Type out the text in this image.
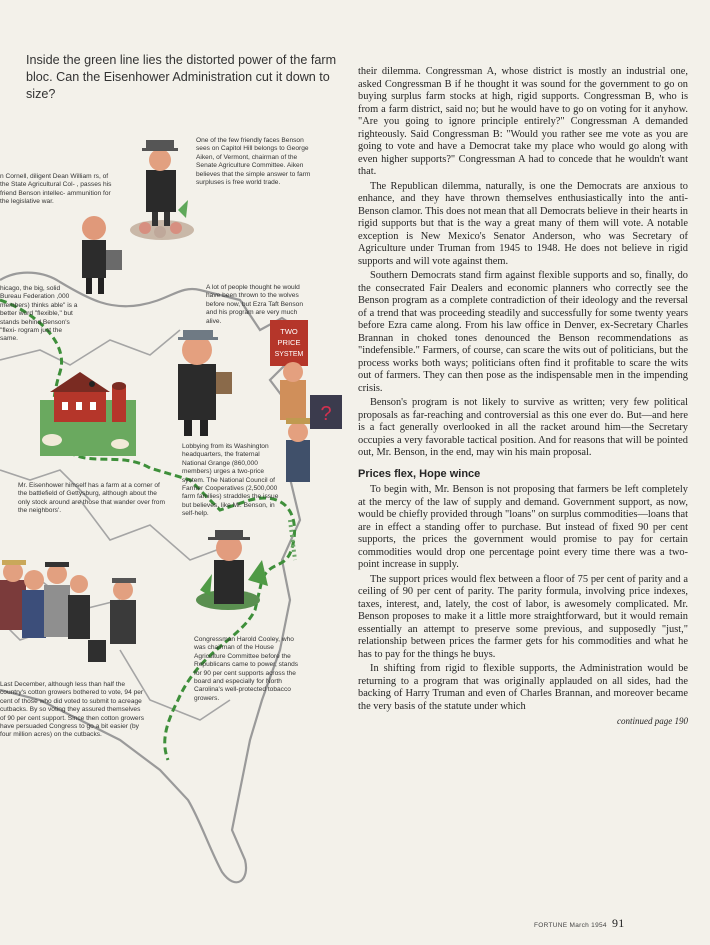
Inside the green line lies the distorted power of the farm bloc. Can the Eisenhower Administration cut it down to size?

TWO
PRICE
SYSTEM
?
One of the few friendly faces Benson sees on Capitol Hill belongs to George Aiken, of Vermont, chairman of the Senate Agriculture Committee. Aiken believes that the simple answer to farm surpluses is free world trade.
n Cornell, diligent Dean William rs, of the State Agricultural Col- , passes his friend Benson intellec- ammunition for the legislative war.
A lot of people thought he would have been thrown to the wolves before now, but Ezra Taft Benson and his program are very much alive.
hicago, the big, solid Bureau Federation ,000 members) thinks able" is a better word "flexible," but stands behind Benson's "flexi- rogram just the same.
Lobbying from its Washington headquarters, the fraternal National Grange (860,000 members) urges a two-price system. The National Council of Farmer Cooperatives (2,500,000 farm families) straddles the issue but believes, like Mr. Benson, in self-help.
Mr. Eisenhower himself has a farm at a corner of the battlefield of Gettysburg, although about the only stock around are those that wander over from the neighbors'.
Congressman Harold Cooley, who was chairman of the House Agriculture Committee before the Republicans came to power, stands for 90 per cent supports across the board and especially for North Carolina's well-protected tobacco growers.
Last December, although less than half the country's cotton growers bothered to vote, 94 per cent of those who did voted to submit to acreage cutbacks. By so voting they assured themselves of 90 per cent support. Since then cotton growers have persuaded Congress to go a bit easier (by four million acres) on the cutbacks.

their dilemma. Congressman A, whose district is mostly an industrial one, asked Congressman B if he thought it was sound for the government to go on buying surplus farm stocks at high, rigid supports. Congressman B, who is from a farm district, said no; but he would have to go on voting for it anyhow. "Are you going to ignore principle entirely?" Congressman A demanded righteously. Said Congressman B: "Would you rather see me vote as you are going to vote and have a Democrat take my place who would go along with even higher supports?" Congressman A had to concede that he wouldn't want that.

The Republican dilemma, naturally, is one the Democrats are anxious to enhance, and they have thrown themselves enthusiastically into the anti-Benson clamor. This does not mean that all Democrats believe in their hearts in rigid supports but that is the way a great many of them will vote. A notable exception is New Mexico's Senator Anderson, who was Secretary of Agriculture under Truman from 1945 to 1948. He does not believe in rigid supports and will vote against them.

Southern Democrats stand firm against flexible supports and so, finally, do the consecrated Fair Dealers and economic planners who correctly see the Benson program as a complete contradiction of their ideology and the reversal of a trend that was proceeding steadily and successfully for some twenty years before Ezra came along. From his law office in Denver, ex-Secretary Charles Brannan in choked tones denounced the Benson recommendations as "indefensible." Farmers, of course, can scare the wits out of politicians, but the process works both ways; politicians often find it profitable to scare the wits out of farmers. They can then pose as the indispensable men in the impending crisis.

Benson's program is not likely to survive as written; very few political proposals as far-reaching and controversial as this one ever do. But—and here is a fact generally overlooked in all the racket around him—the Secretary occupies a very favorable tactical position. And for reasons that will be pointed out, Mr. Benson, in the end, may win his main proposal.

Prices flex, Hope wince

To begin with, Mr. Benson is not proposing that farmers be left completely at the mercy of the law of supply and demand. Government support, as now, would be chiefly provided through "loans" on surplus commodities—loans that are in effect a standing offer to purchase. But instead of fixed 90 per cent supports, the prices the government would promise to pay for certain commodities would drop one percentage point every time there was a two-point increase in supply.

The support prices would flex between a floor of 75 per cent of parity and a ceiling of 90 per cent of parity. The parity formula, involving price indexes, taxes, interest, and, lately, the cost of labor, is awesomely complicated. Mr. Benson proposes to make it a little more straightforward, but it would remain essentially an attempt to preserve some previous, and supposedly "just," relationship between prices the farmer gets for his commodities and what he has to pay for the things he buys.

In shifting from rigid to flexible supports, the Administration would be returning to a program that was originally applauded on all sides, had the backing of Harry Truman and even of Charles Brannan, and moreover became the very basis of the statute under which

continued page 190
FORTUNE March 1954 91
